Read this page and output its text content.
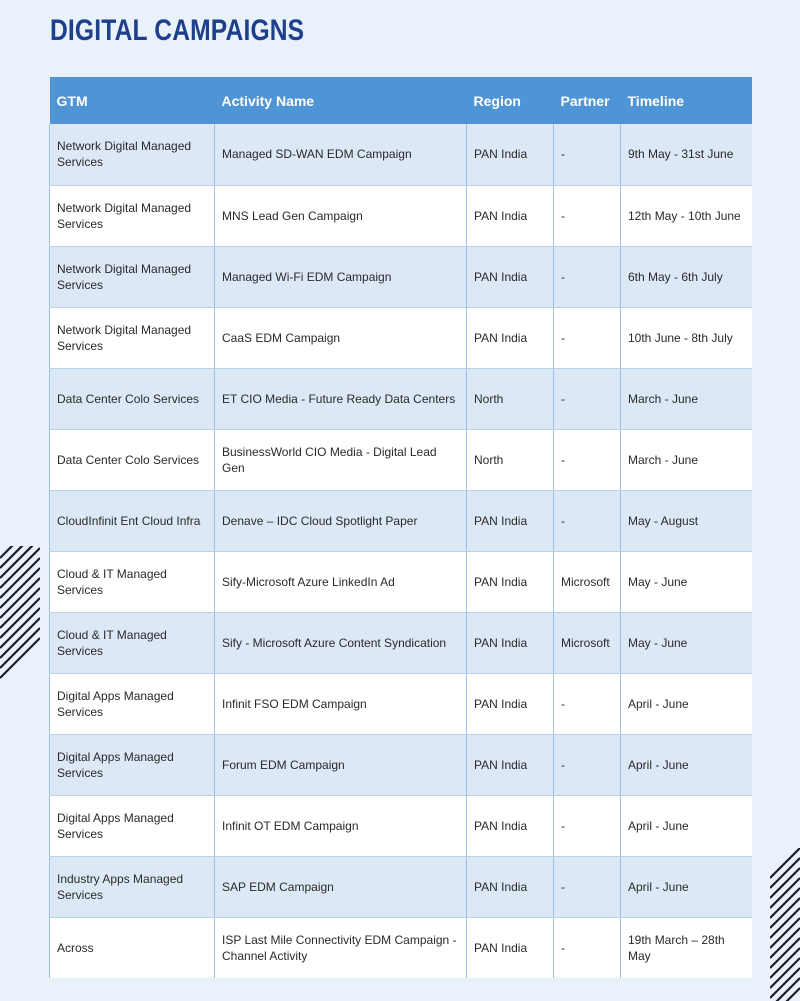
DIGITAL CAMPAIGNS
GTM	Activity Name	Region	Partner	Timeline
Network Digital Managed Services	Managed SD-WAN EDM Campaign	PAN India	-	9th May - 31st June
Network Digital Managed Services	MNS Lead Gen Campaign	PAN India	-	12th May - 10th June
Network Digital Managed Services	Managed Wi-Fi EDM Campaign	PAN India	-	6th May - 6th July
Network Digital Managed Services	CaaS EDM Campaign	PAN India	-	10th June - 8th July
Data Center Colo Services	ET CIO Media - Future Ready Data Centers	North	-	March - June
Data Center Colo Services	BusinessWorld CIO Media - Digital Lead Gen	North	-	March - June
CloudInfinit Ent Cloud Infra	Denave – IDC Cloud Spotlight Paper	PAN India	-	May - August
Cloud & IT Managed Services	Sify-Microsoft Azure LinkedIn Ad	PAN India	Microsoft	May - June
Cloud & IT Managed Services	Sify - Microsoft Azure Content Syndication	PAN India	Microsoft	May - June
Digital Apps Managed Services	Infinit FSO EDM Campaign	PAN India	-	April - June
Digital Apps Managed Services	Forum EDM Campaign	PAN India	-	April - June
Digital Apps Managed Services	Infinit OT EDM Campaign	PAN India	-	April - June
Industry Apps Managed Services	SAP EDM Campaign	PAN India	-	April - June
Across	ISP Last Mile Connectivity EDM Campaign - Channel Activity	PAN India	-	19th March – 28th May
